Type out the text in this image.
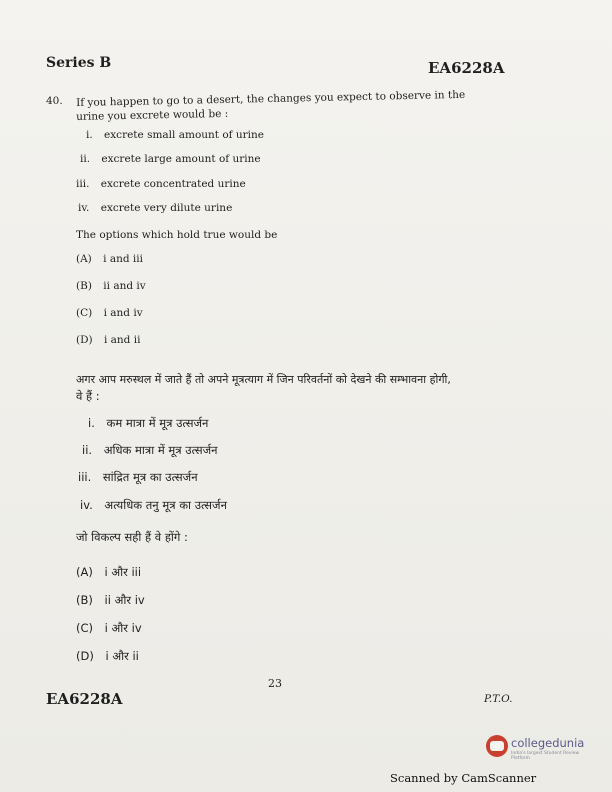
Series B	EA6228A
40. If you happen to go to a desert, the changes you expect to observe in the
urine you excrete would be :
i. excrete small amount of urine
ii. excrete large amount of urine
iii. excrete concentrated urine
iv. excrete very dilute urine
The options which hold true would be
(A) i and iii
(B) ii and iv
(C) i and iv
(D) i and ii
अगर आप मरुस्थल में जाते हैं तो अपने मूत्रत्याग में जिन परिवर्तनों को देखने की सम्भावना होगी,
वे हैं :
i. कम मात्रा में मूत्र उत्सर्जन
ii. अधिक मात्रा में मूत्र उत्सर्जन
iii. सांद्रित मूत्र का उत्सर्जन
iv. अत्यधिक तनु मूत्र का उत्सर्जन
जो विकल्प सही हैं वे होंगे :
(A) i और iii
(B) ii और iv
(C) i और iv
(D) i और ii
23
EA6228A	P.T.O.
collegedunia
India's largest Student Review Platform
Scanned by CamScanner
